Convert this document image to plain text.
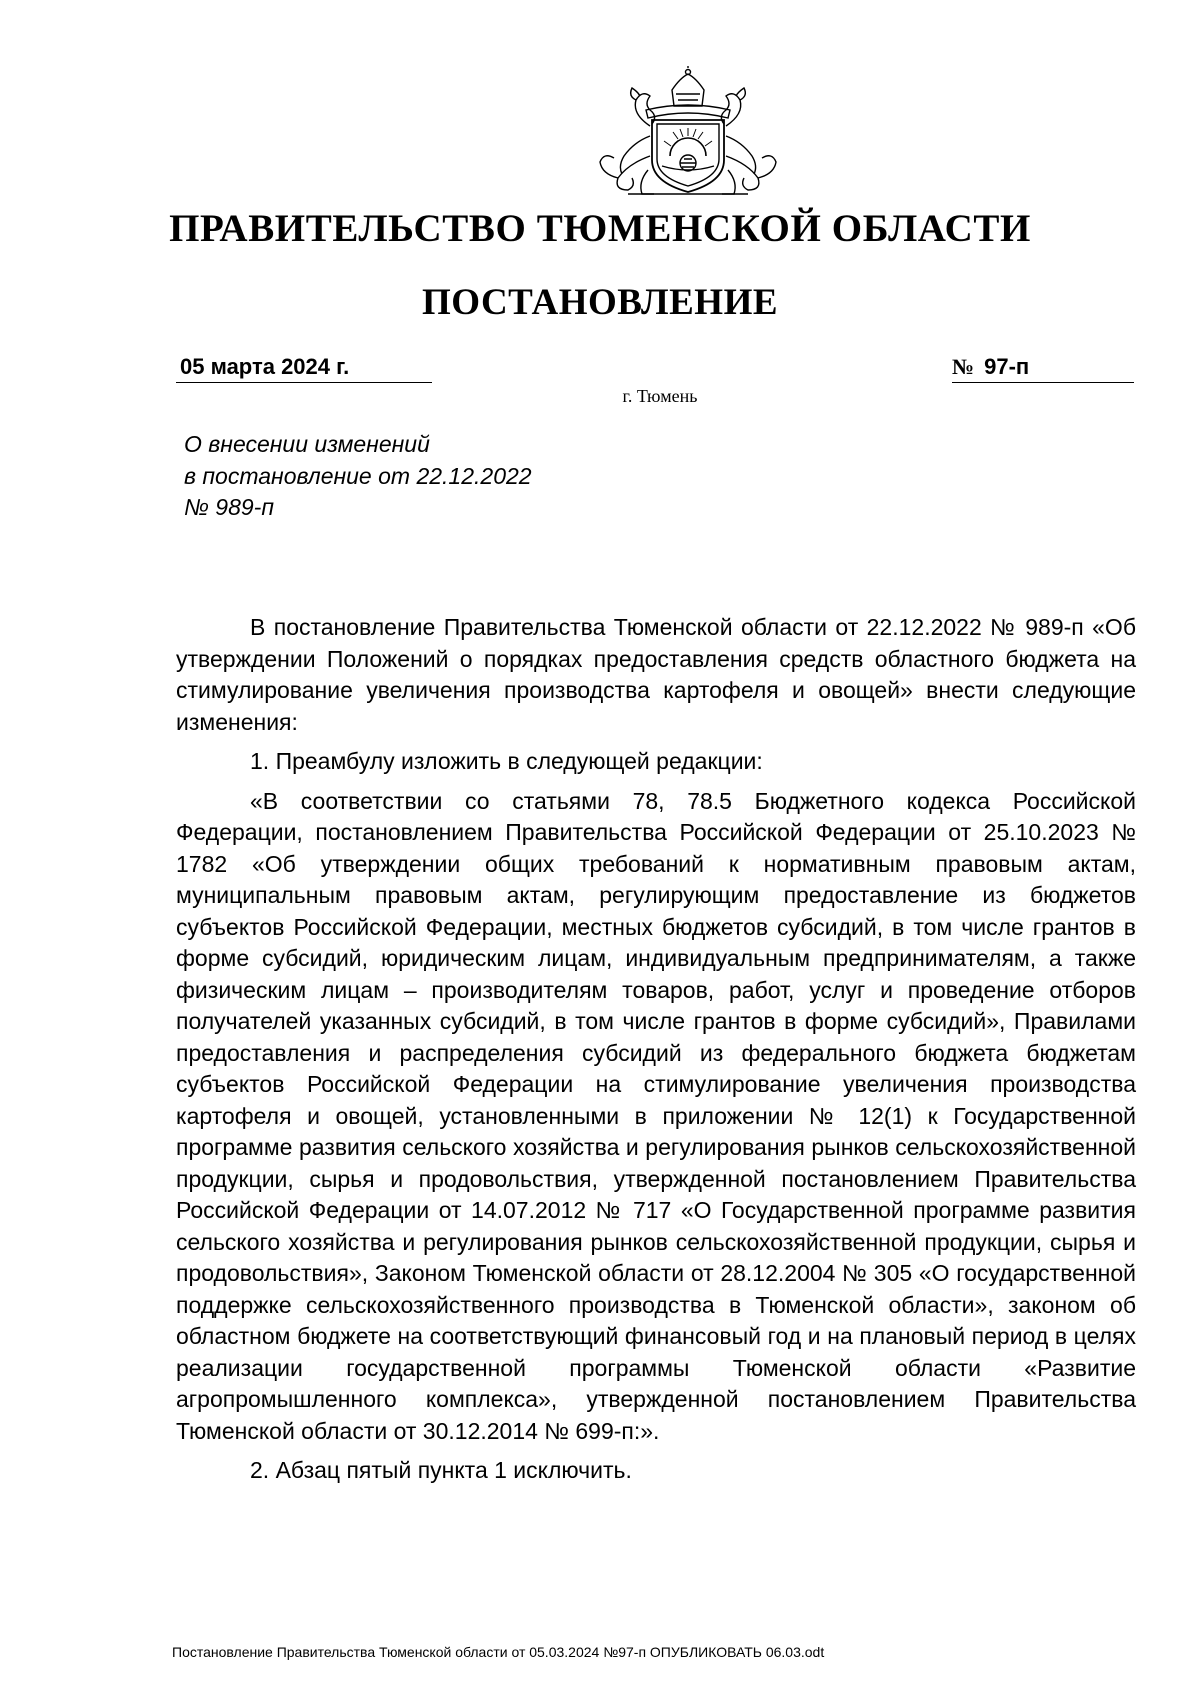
ПРАВИТЕЛЬСТВО ТЮМЕНСКОЙ ОБЛАСТИ
ПОСТАНОВЛЕНИЕ
05 марта 2024 г.	№ 97-п
г. Тюмень
О внесении изменений
в постановление от 22.12.2022
№ 989-п

В постановление Правительства Тюменской области от 22.12.2022 № 989-п «Об утверждении Положений о порядках предоставления средств областного бюджета на стимулирование увеличения производства картофеля и овощей» внести следующие изменения:

1. Преамбулу изложить в следующей редакции:

«В соответствии со статьями 78, 78.5 Бюджетного кодекса Российской Федерации, постановлением Правительства Российской Федерации от 25.10.2023 № 1782 «Об утверждении общих требований к нормативным правовым актам, муниципальным правовым актам, регулирующим предоставление из бюджетов субъектов Российской Федерации, местных бюджетов субсидий, в том числе грантов в форме субсидий, юридическим лицам, индивидуальным предпринимателям, а также физическим лицам – производителям товаров, работ, услуг и проведение отборов получателей указанных субсидий, в том числе грантов в форме субсидий», Правилами предоставления и распределения субсидий из федерального бюджета бюджетам субъектов Российской Федерации на стимулирование увеличения производства картофеля и овощей, установленными в приложении № 12(1) к Государственной программе развития сельского хозяйства и регулирования рынков сельскохозяйственной продукции, сырья и продовольствия, утвержденной постановлением Правительства Российской Федерации от 14.07.2012 № 717 «О Государственной программе развития сельского хозяйства и регулирования рынков сельскохозяйственной продукции, сырья и продовольствия», Законом Тюменской области от 28.12.2004 № 305 «О государственной поддержке сельскохозяйственного производства в Тюменской области», законом об областном бюджете на соответствующий финансовый год и на плановый период в целях реализации государственной программы Тюменской области «Развитие агропромышленного комплекса», утвержденной постановлением Правительства Тюменской области от 30.12.2014 № 699-п:».

2. Абзац пятый пункта 1 исключить.

Постановление Правительства Тюменской области от 05.03.2024 №97-п ОПУБЛИКОВАТЬ 06.03.odt
